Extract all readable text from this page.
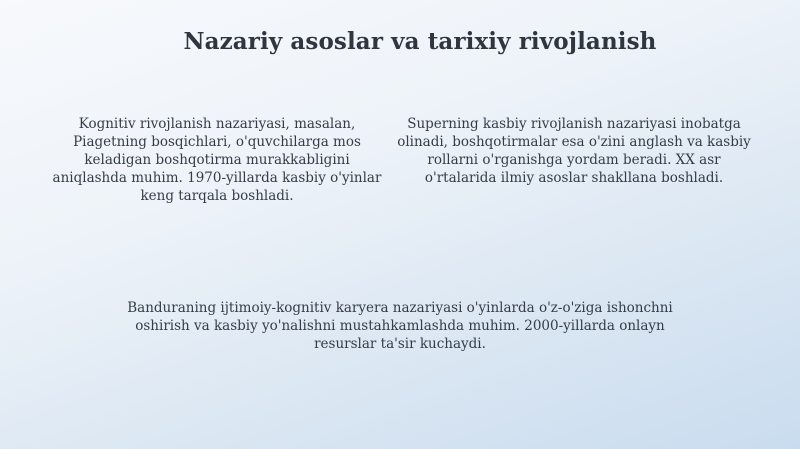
Nazariy asoslar va tarixiy rivojlanish

Kognitiv rivojlanish nazariyasi, masalan, Piagetning bosqichlari, o'quvchilarga mos keladigan boshqotirma murakkabligini aniqlashda muhim. 1970-yillarda kasbiy o'yinlar keng tarqala boshladi.

Superning kasbiy rivojlanish nazariyasi inobatga olinadi, boshqotirmalar esa o'zini anglash va kasbiy rollarni o'rganishga yordam beradi. XX asr o'rtalarida ilmiy asoslar shakllana boshladi.

Banduraning ijtimoiy-kognitiv karyera nazariyasi o'yinlarda o'z-o'ziga ishonchni oshirish va kasbiy yo'nalishni mustahkamlashda muhim. 2000-yillarda onlayn resurslar ta'sir kuchaydi.
